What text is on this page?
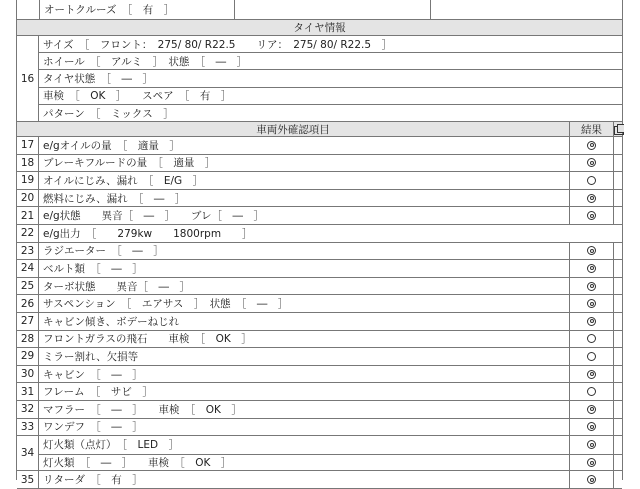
オートクルーズ　［　有　］
タイヤ情報
16
サイズ　［　フロント：　275/ 80/ R22.5　　リア：　275/ 80/ R22.5　］
ホイール　［　アルミ　］　状態　［　―　］
タイヤ状態　［　―　］
車検　［　OK　］　　スペア　［　有　］
パターン　［　ミックス　］
車両外確認項目	結果
17 e/gオイルの量　［　適量　］
18 ブレーキフルードの量　［　適量　］
19 オイルにじみ、漏れ　［　E/G　］
20 燃料にじみ、漏れ　［　―　］
21 e/g状態　　異音［　―　］　　ブレ［　―　］
22 e/g出力　［　　279kw　　1800rpm　　］
23 ラジエーター　［　―　］
24 ベルト類　［　―　］
25 ターボ状態　　異音［　―　］
26 サスペンション　［　エアサス　］　状態　［　―　］
27 キャビン傾き、ボデーねじれ
28 フロントガラスの飛石　　車検　［　OK　］
29 ミラー割れ、欠損等
30 キャビン　［　―　］
31 フレーム　［　サビ　］
32 マフラー　［　―　］　　車検　［　OK　］
33 ワンデフ　［　―　］
34
灯火類（点灯）　［　LED　］
灯火類　［　―　］　　車検　［　OK　］
35 リターダ　［　有　］
